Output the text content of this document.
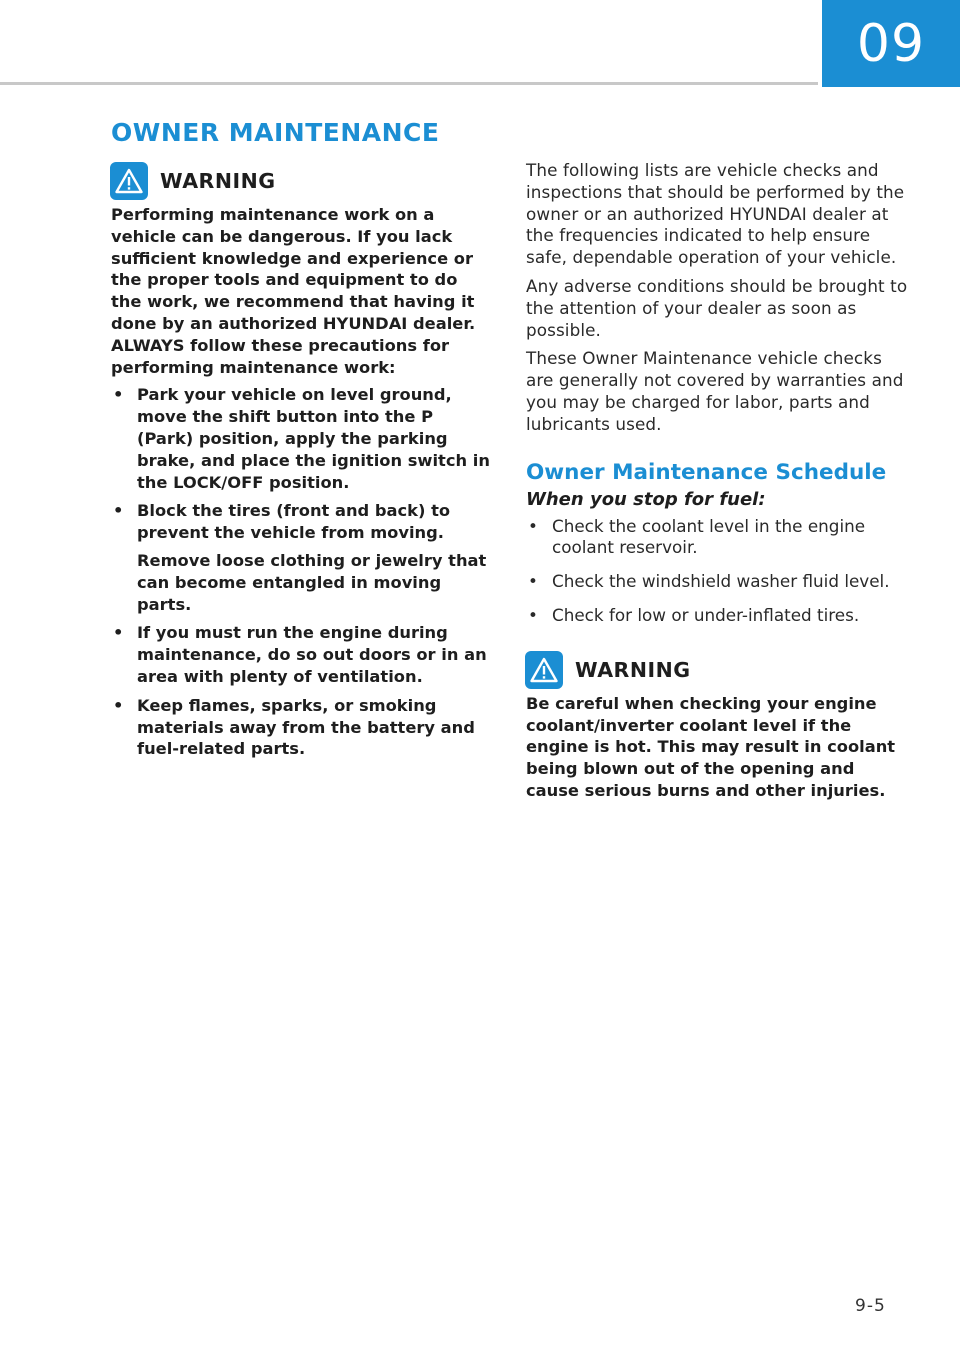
09
OWNER MAINTENANCE
WARNING

Performing maintenance work on a vehicle can be dangerous. If you lack sufficient knowledge and experience or the proper tools and equipment to do the work, we recommend that having it done by an authorized HYUNDAI dealer. ALWAYS follow these precautions for performing maintenance work:

• Park your vehicle on level ground, move the shift button into the P (Park) position, apply the parking brake, and place the ignition switch in the LOCK/OFF position.
• Block the tires (front and back) to prevent the vehicle from moving.
Remove loose clothing or jewelry that can become entangled in moving parts.
• If you must run the engine during maintenance, do so out doors or in an area with plenty of ventilation.
• Keep flames, sparks, or smoking materials away from the battery and fuel-related parts.

The following lists are vehicle checks and inspections that should be performed by the owner or an authorized HYUNDAI dealer at the frequencies indicated to help ensure safe, dependable operation of your vehicle.

Any adverse conditions should be brought to the attention of your dealer as soon as possible.

These Owner Maintenance vehicle checks are generally not covered by warranties and you may be charged for labor, parts and lubricants used.

Owner Maintenance Schedule
When you stop for fuel:
• Check the coolant level in the engine coolant reservoir.
• Check the windshield washer fluid level.
• Check for low or under-inflated tires.
WARNING

Be careful when checking your engine coolant/inverter coolant level if the engine is hot. This may result in coolant being blown out of the opening and cause serious burns and other injuries.

9-5
